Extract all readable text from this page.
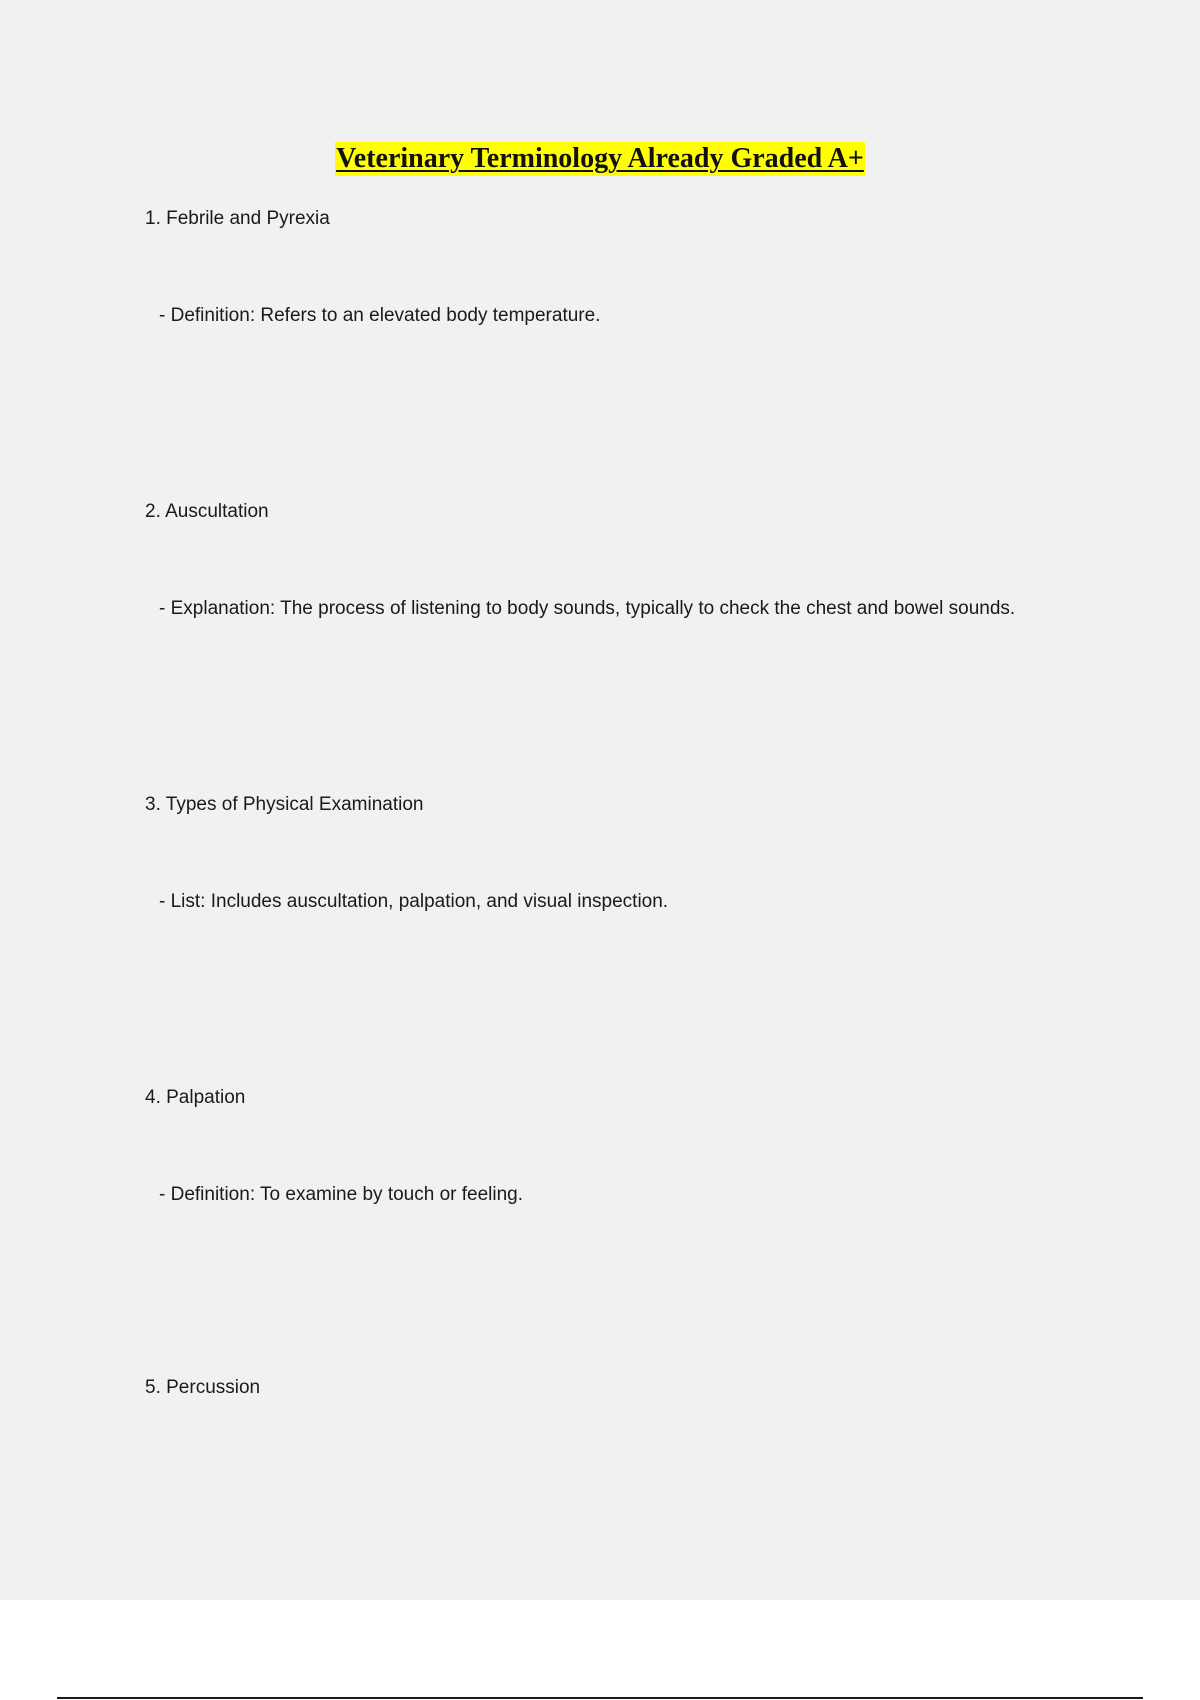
Veterinary Terminology Already Graded A+
1. Febrile and Pyrexia
- Definition: Refers to an elevated body temperature.
2. Auscultation
- Explanation: The process of listening to body sounds, typically to check the chest and bowel sounds.
3. Types of Physical Examination
- List: Includes auscultation, palpation, and visual inspection.
4. Palpation
- Definition: To examine by touch or feeling.
5. Percussion
